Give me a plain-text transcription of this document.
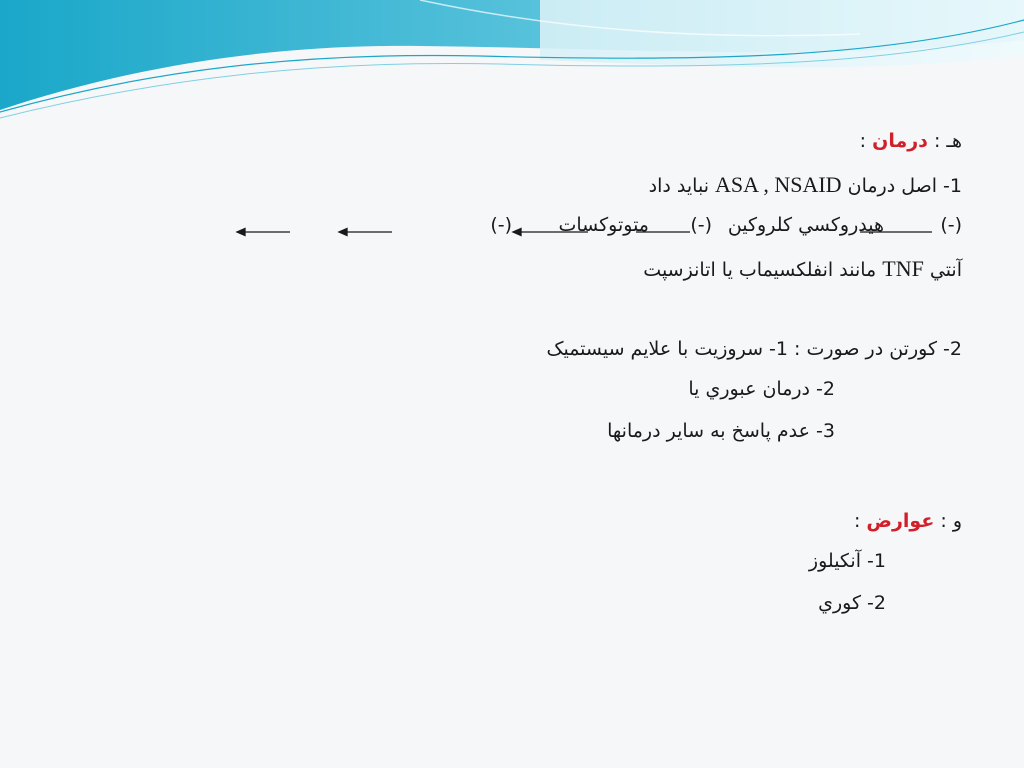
هـ : درمان :
1- اصل درمان ASA , NSAID نبايد داد
(-)
هيدروکسي کلروکين
(-)
متوتوکسات
(-)
آنتي TNF مانند انفلکسيماب يا اتانزسپت
2- کورتن در صورت : 1- سروزيت با علايم سيستميک
2- درمان عبوري يا
3- عدم پاسخ به ساير درمانها
و : عوارض :
1- آنکيلوز
2- کوري
